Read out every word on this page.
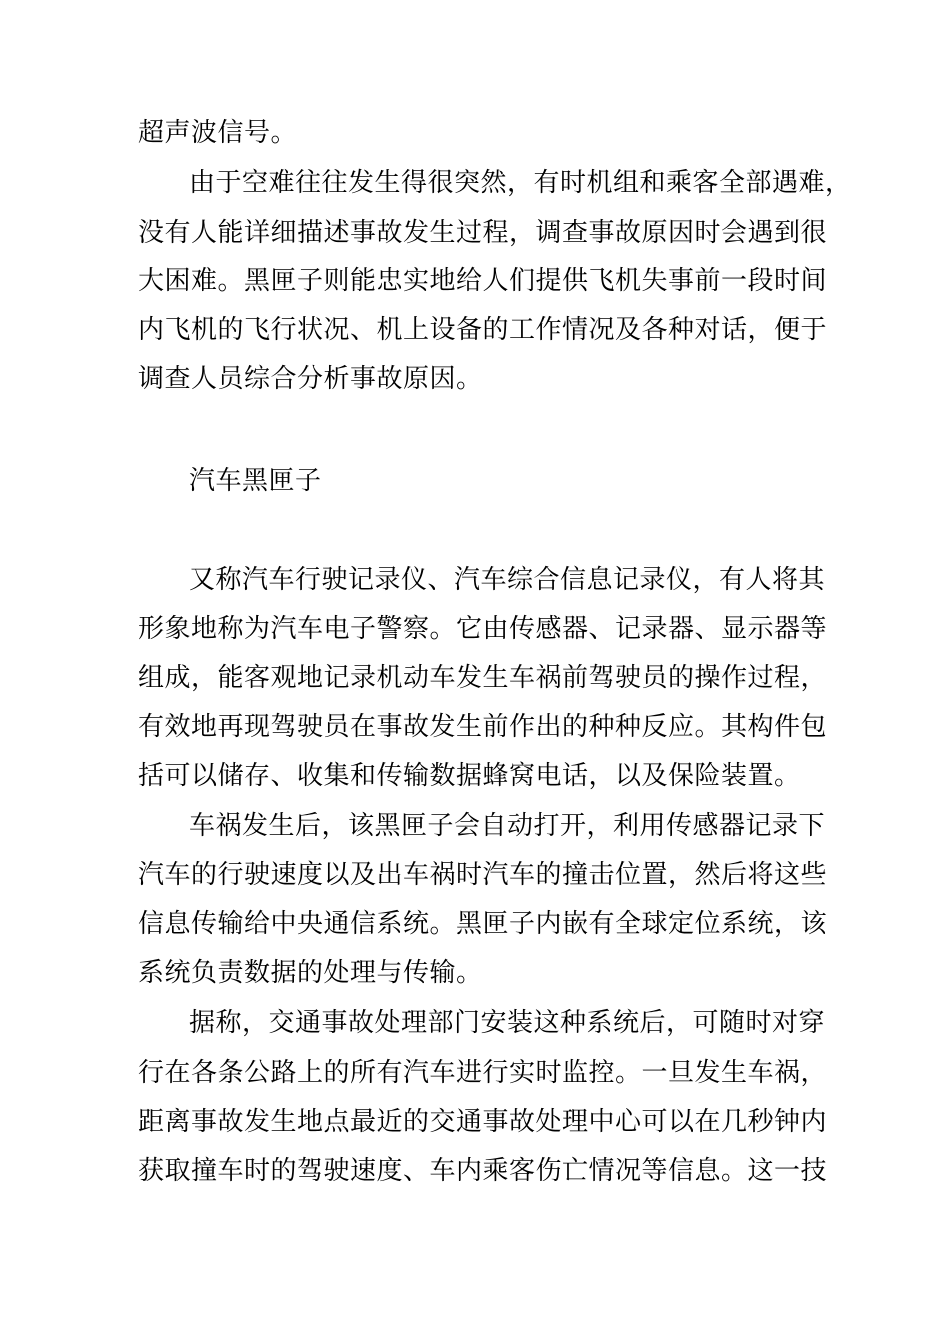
超声波信号。
由于空难往往发生得很突然，有时机组和乘客全部遇难，
没有人能详细描述事故发生过程，调查事故原因时会遇到很
大困难。黑匣子则能忠实地给人们提供飞机失事前一段时间
内飞机的飞行状况、机上设备的工作情况及各种对话，便于
调查人员综合分析事故原因。
汽车黑匣子
又称汽车行驶记录仪、汽车综合信息记录仪，有人将其
形象地称为汽车电子警察。它由传感器、记录器、显示器等
组成，能客观地记录机动车发生车祸前驾驶员的操作过程，
有效地再现驾驶员在事故发生前作出的种种反应。其构件包
括可以储存、收集和传输数据蜂窝电话，以及保险装置。
车祸发生后，该黑匣子会自动打开，利用传感器记录下
汽车的行驶速度以及出车祸时汽车的撞击位置，然后将这些
信息传输给中央通信系统。黑匣子内嵌有全球定位系统，该
系统负责数据的处理与传输。
据称，交通事故处理部门安装这种系统后，可随时对穿
行在各条公路上的所有汽车进行实时监控。一旦发生车祸，
距离事故发生地点最近的交通事故处理中心可以在几秒钟内
获取撞车时的驾驶速度、车内乘客伤亡情况等信息。这一技
